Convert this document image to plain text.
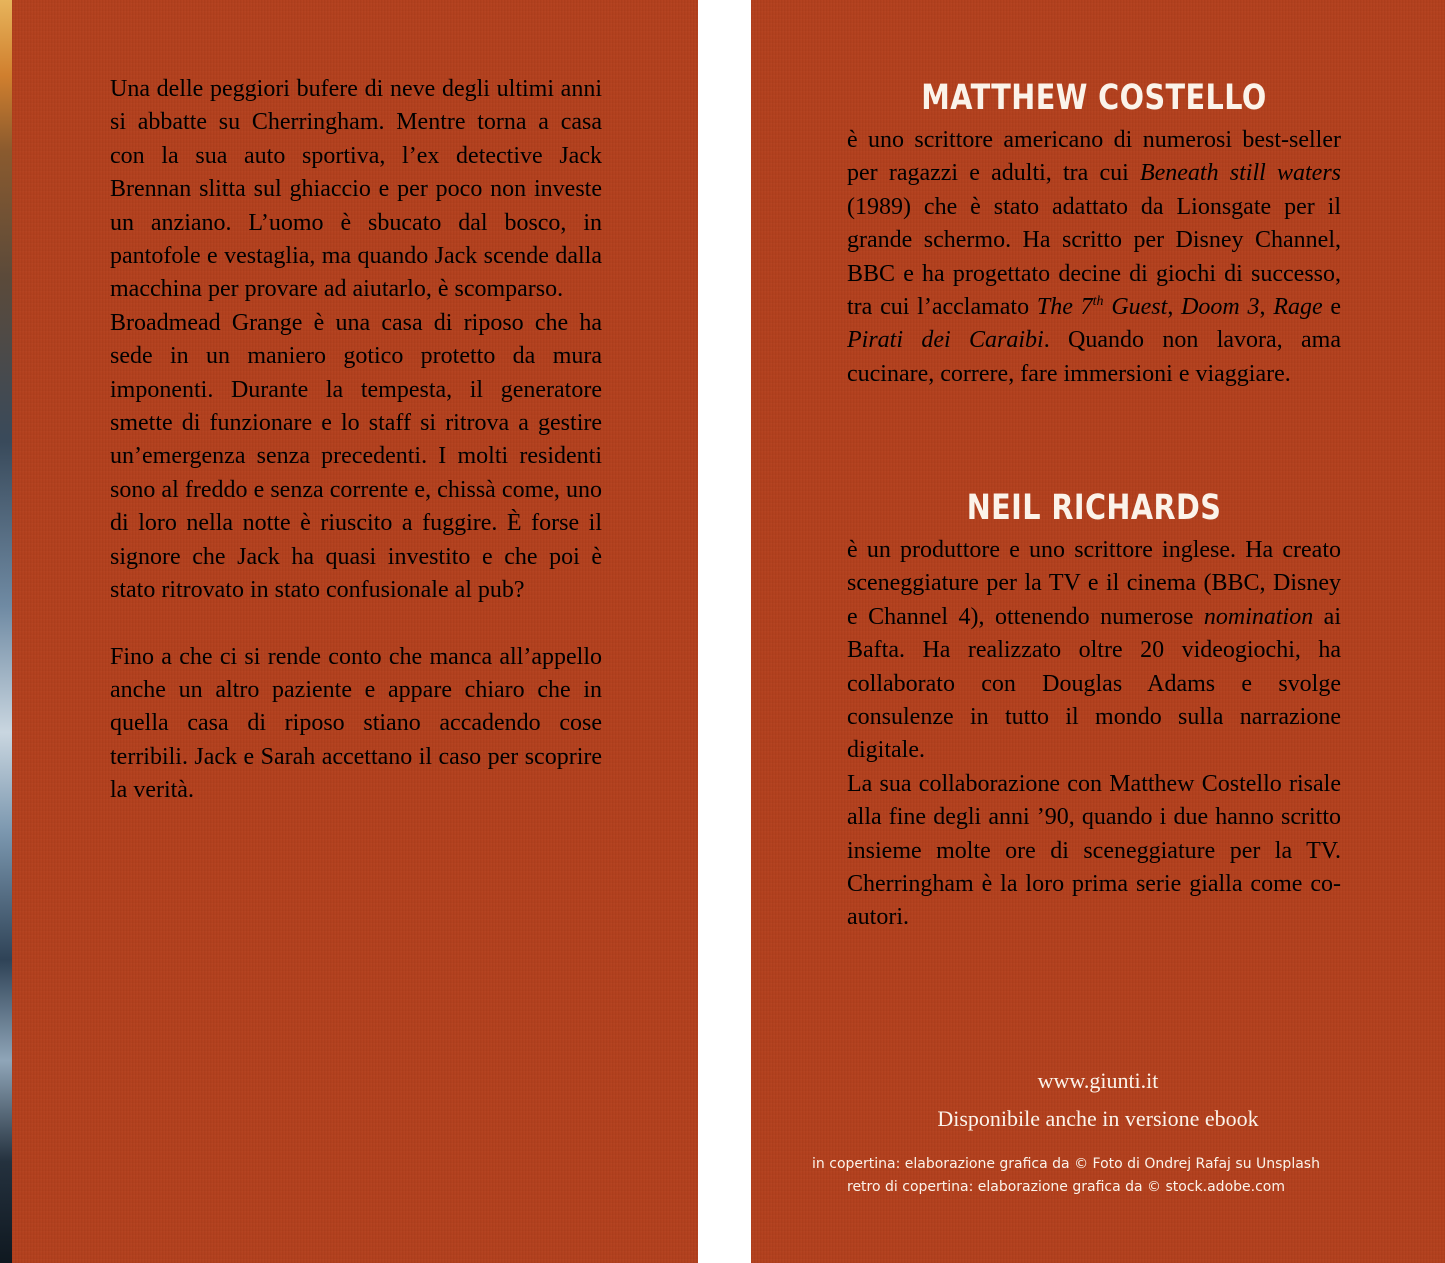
Una delle peggiori bufere di neve degli ultimi anni si abbatte su Cherringham. Mentre torna a casa con la sua auto sportiva, l’ex detective Jack Brennan slitta sul ghiaccio e per poco non investe un anziano. L’uomo è sbucato dal bosco, in pantofole e vestaglia, ma quando Jack scende dalla macchina per provare ad aiutarlo, è scomparso.

Broadmead Grange è una casa di riposo che ha sede in un maniero gotico protetto da mura imponenti. Durante la tempesta, il generatore smette di funzionare e lo staff si ritrova a gestire un’emergenza senza precedenti. I molti residenti sono al freddo e senza corrente e, chissà come, uno di loro nella notte è riuscito a fuggire. È forse il signore che Jack ha quasi investito e che poi è stato ritrovato in stato confusionale al pub?

Fino a che ci si rende conto che manca all’appello anche un altro paziente e appare chiaro che in quella casa di riposo stiano accadendo cose terribili. Jack e Sarah accettano il caso per scoprire la verità.

MATTHEW COSTELLO

è uno scrittore americano di numerosi best-seller per ragazzi e adulti, tra cui Beneath still waters (1989) che è stato adattato da Lionsgate per il grande schermo. Ha scritto per Disney Channel, BBC e ha progettato decine di giochi di successo, tra cui l’acclamato The 7th Guest, Doom 3, Rage e Pirati dei Caraibi. Quando non lavora, ama cucinare, correre, fare immersioni e viaggiare.

NEIL RICHARDS

è un produttore e uno scrittore inglese. Ha creato sceneggiature per la TV e il cinema (BBC, Disney e Channel 4), ottenendo numerose nomination ai Bafta. Ha realizzato oltre 20 videogiochi, ha collaborato con Douglas Adams e svolge consulenze in tutto il mondo sulla narrazione digitale.

La sua collaborazione con Matthew Costello risale alla fine degli anni ’90, quando i due hanno scritto insieme molte ore di sceneggiature per la TV. Cherringham è la loro prima serie gialla come co-autori.

www.giunti.it
Disponibile anche in versione ebook
in copertina: elaborazione grafica da © Foto di Ondrej Rafaj su Unsplash
retro di copertina: elaborazione grafica da © stock.adobe.com
